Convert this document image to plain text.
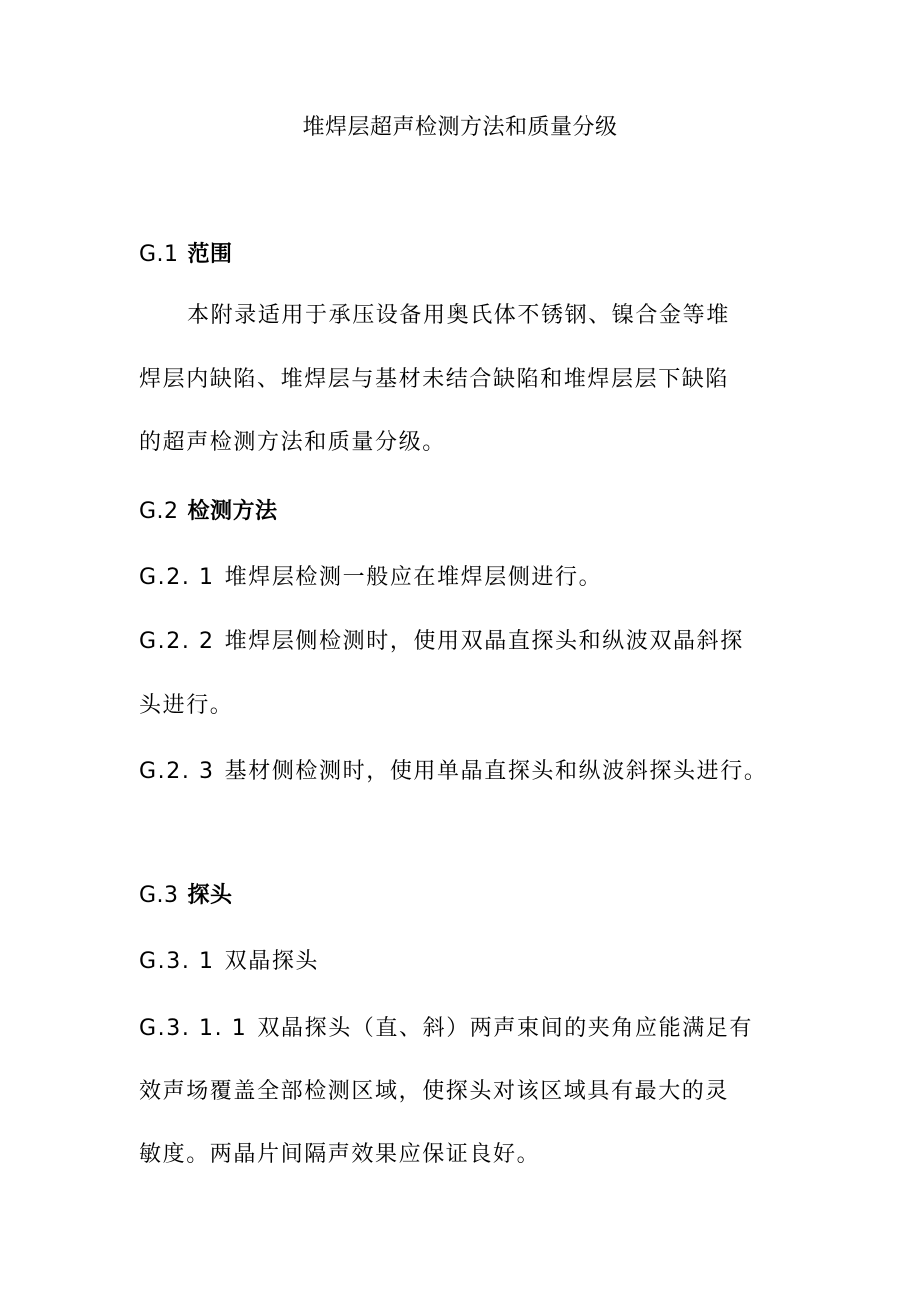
堆焊层超声检测方法和质量分级
G.1 范围
本附录适用于承压设备用奥氏体不锈钢、镍合金等堆
焊层内缺陷、堆焊层与基材未结合缺陷和堆焊层层下缺陷
的超声检测方法和质量分级。
G.2 检测方法
G.2. 1 堆焊层检测一般应在堆焊层侧进行。
G.2. 2 堆焊层侧检测时，使用双晶直探头和纵波双晶斜探
头进行。
G.2. 3 基材侧检测时，使用单晶直探头和纵波斜探头进行。
G.3 探头
G.3. 1 双晶探头
G.3. 1. 1 双晶探头（直、斜）两声束间的夹角应能满足有
效声场覆盖全部检测区域，使探头对该区域具有最大的灵
敏度。两晶片间隔声效果应保证良好。
